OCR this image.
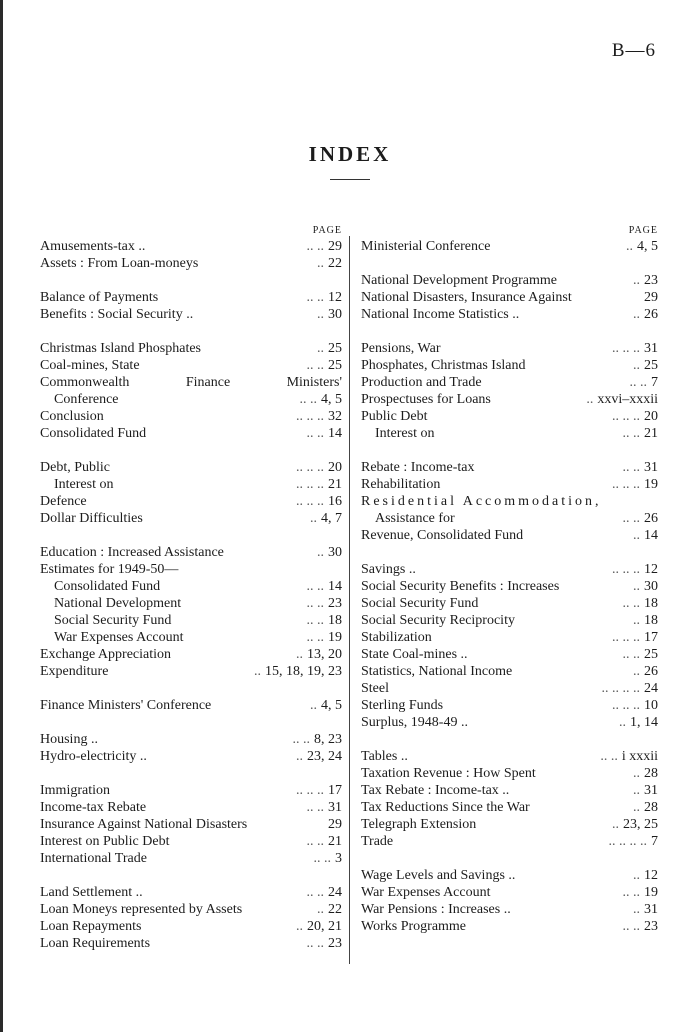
B—6
INDEX
PAGE
Amusements-tax ..	.. .. 29
Assets : From Loan-moneys	.. 22
Balance of Payments	.. .. 12
Benefits : Social Security ..	.. 30
Christmas Island Phosphates	.. 25
Coal-mines, State	.. .. 25
Commonwealth	Finance	Ministers'
Conference	.. .. 4, 5
Conclusion	.. .. .. 32
Consolidated Fund	.. .. 14
Debt, Public	.. .. .. 20
Interest on	.. .. .. 21
Defence	.. .. .. 16
Dollar Difficulties	.. 4, 7
Education : Increased Assistance	.. 30
Estimates for 1949-50—
Consolidated Fund	.. .. 14
National Development	.. .. 23
Social Security Fund	.. .. 18
War Expenses Account	.. .. 19
Exchange Appreciation	.. 13, 20
Expenditure	.. 15, 18, 19, 23
Finance Ministers' Conference	.. 4, 5
Housing ..	.. .. 8, 23
Hydro-electricity ..	.. 23, 24
Immigration	.. .. .. 17
Income-tax Rebate	.. .. 31
Insurance Against National Disasters	29
Interest on Public Debt	.. .. 21
International Trade	.. .. 3
Land Settlement ..	.. .. 24
Loan Moneys represented by Assets	.. 22
Loan Repayments	.. 20, 21
Loan Requirements	.. .. 23
PAGE
Ministerial Conference	.. 4, 5
National Development Programme	.. 23
National Disasters, Insurance Against	29
National Income Statistics ..	.. 26
Pensions, War	.. .. .. 31
Phosphates, Christmas Island	.. 25
Production and Trade	.. .. 7
Prospectuses for Loans	.. xxvi–xxxii
Public Debt	.. .. .. 20
Interest on	.. .. 21
Rebate : Income-tax	.. .. 31
Rehabilitation	.. .. .. 19
Residential Accommodation,
Assistance for	.. .. 26
Revenue, Consolidated Fund	.. 14
Savings ..	.. .. .. 12
Social Security Benefits : Increases	.. 30
Social Security Fund	.. .. 18
Social Security Reciprocity	.. 18
Stabilization	.. .. .. 17
State Coal-mines ..	.. .. 25
Statistics, National Income	.. 26
Steel	.. .. .. .. 24
Sterling Funds	.. .. .. 10
Surplus, 1948-49 ..	.. 1, 14
Tables ..	.. .. i xxxii
Taxation Revenue : How Spent	.. 28
Tax Rebate : Income-tax ..	.. 31
Tax Reductions Since the War	.. 28
Telegraph Extension	.. 23, 25
Trade	.. .. .. .. 7
Wage Levels and Savings ..	.. 12
War Expenses Account	.. .. 19
War Pensions : Increases ..	.. 31
Works Programme	.. .. 23
